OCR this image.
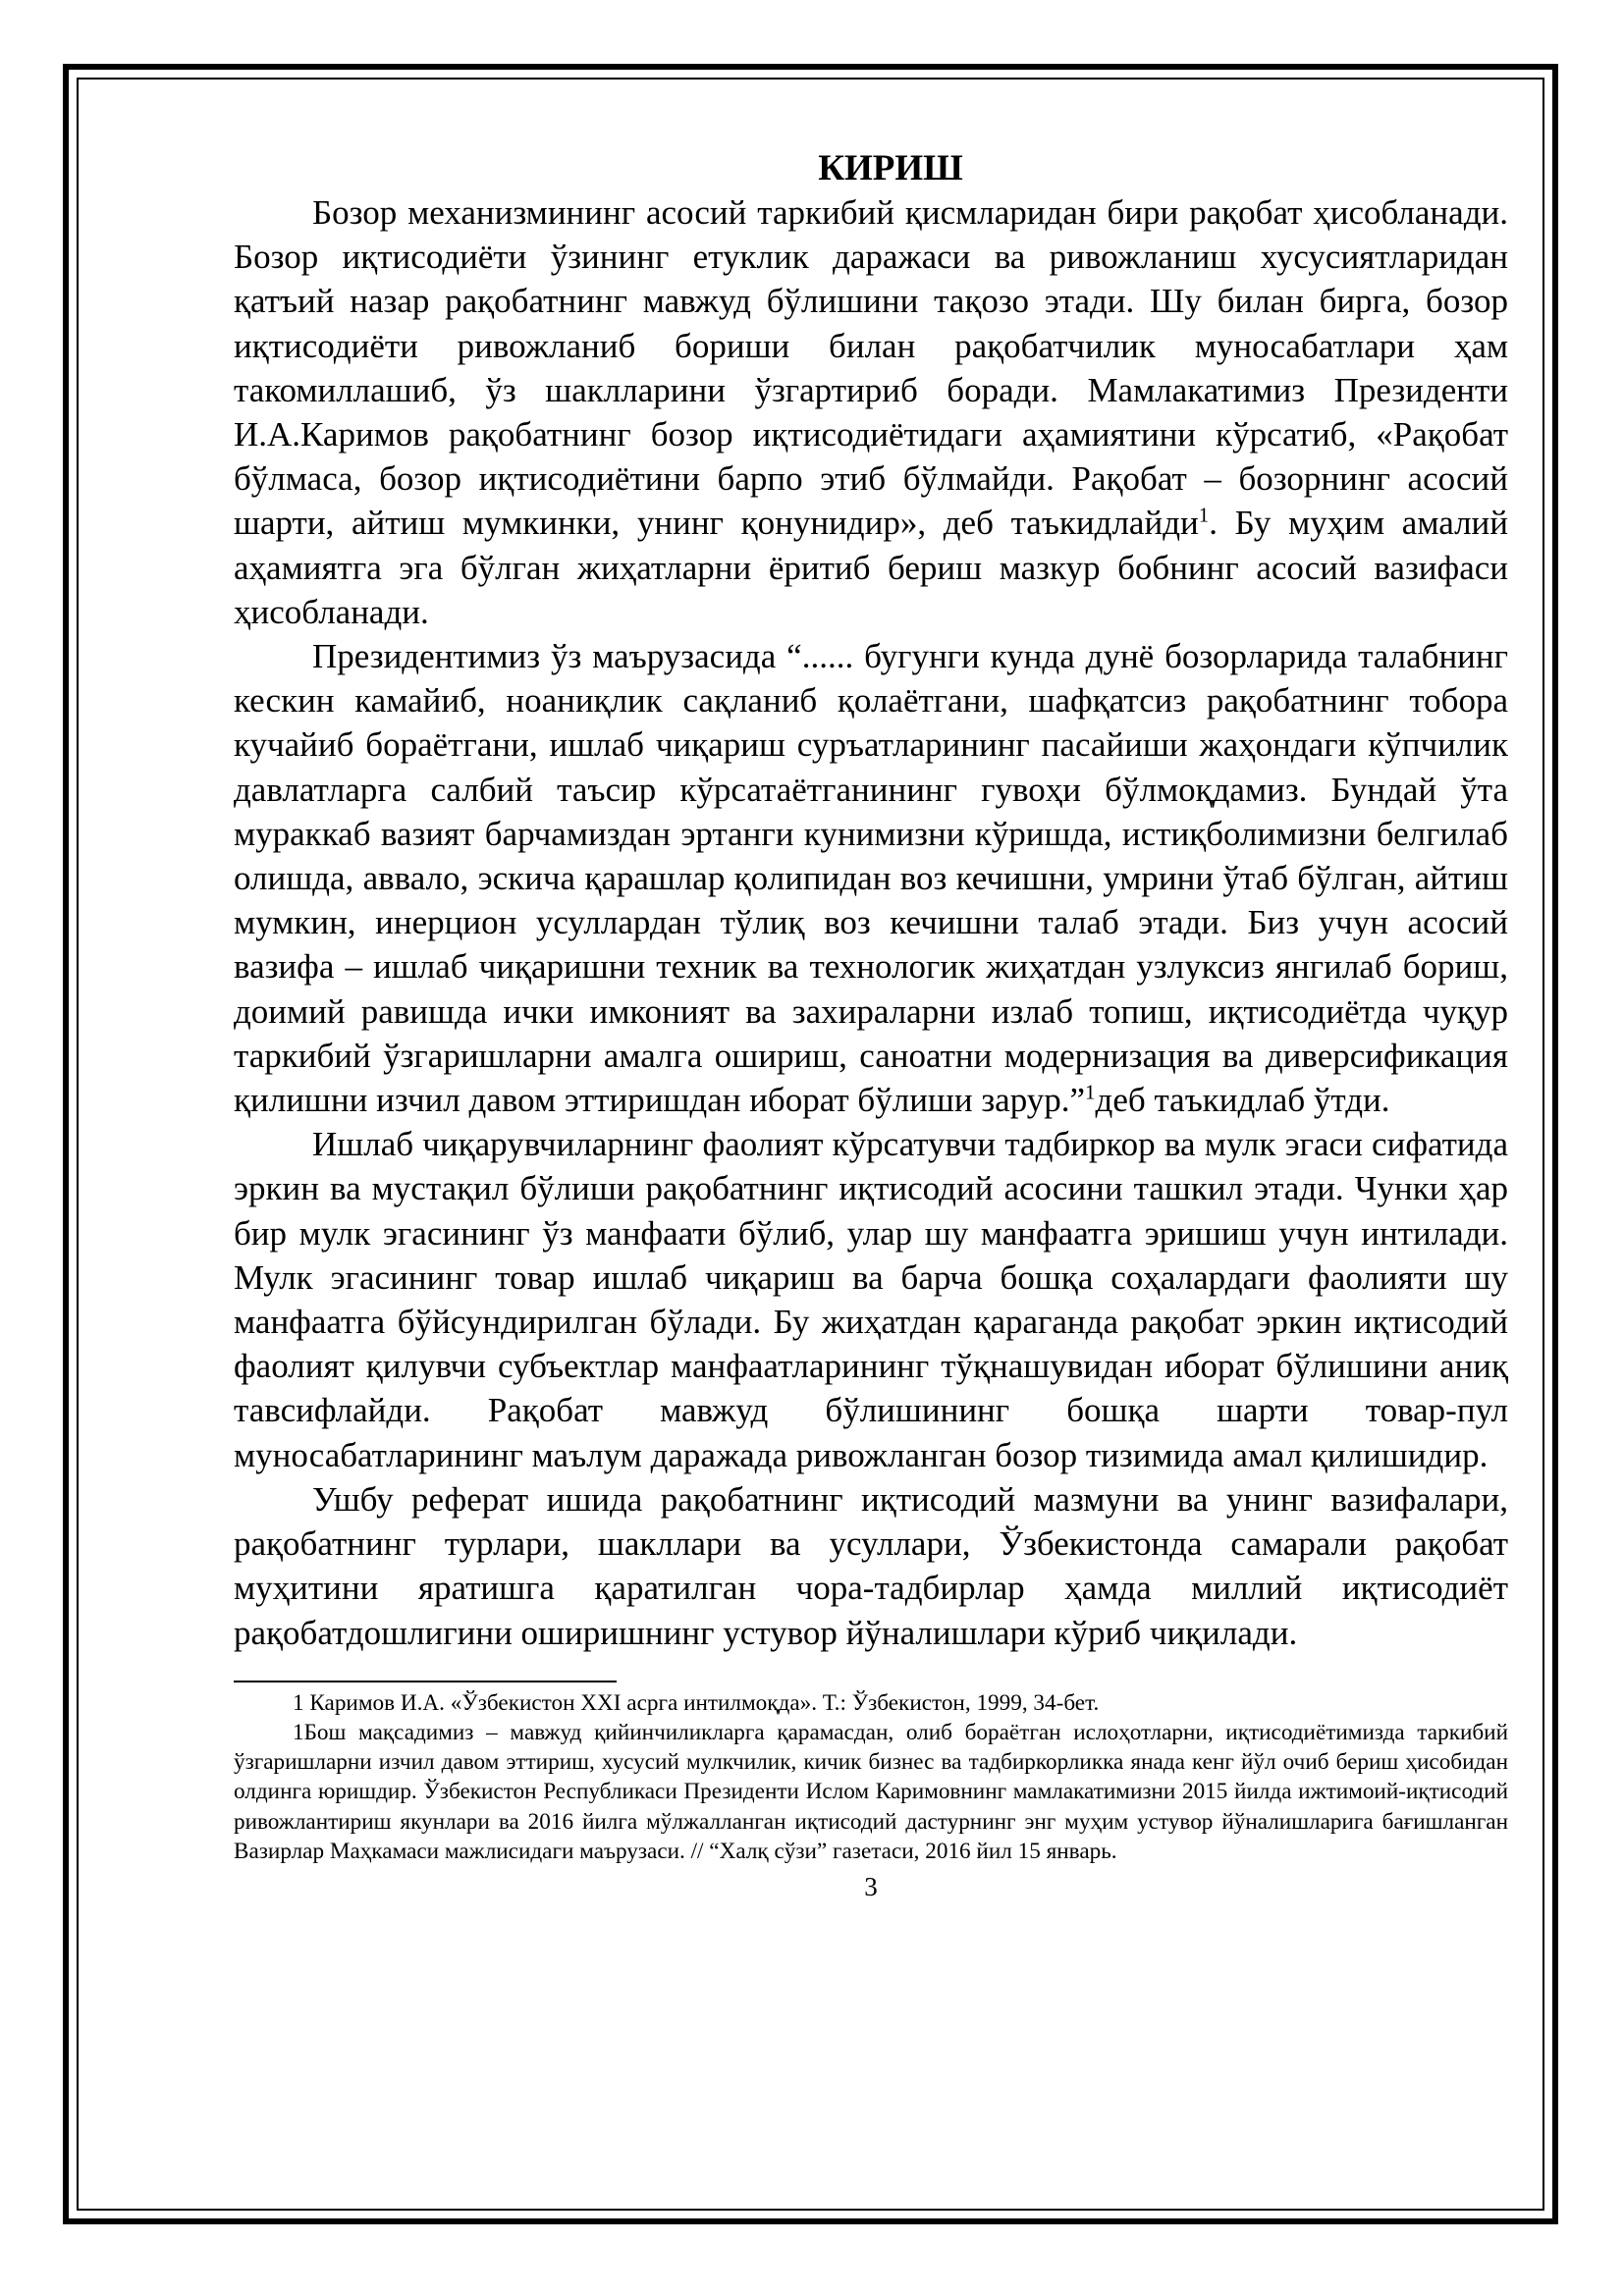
КИРИШ

Бозор механизмининг асосий таркибий қисмларидан бири рақобат ҳисобланади. Бозор иқтисодиёти ўзининг етуклик даражаси ва ривожланиш хусусиятларидан қатъий назар рақобатнинг мавжуд бўлишини тақозо этади. Шу билан бирга, бозор иқтисодиёти ривожланиб бориши билан рақобатчилик муносабатлари ҳам такомиллашиб, ўз шаклларини ўзгартириб боради. Мамлакатимиз Президенти И.А.Каримов рақобатнинг бозор иқтисодиётидаги аҳамиятини кўрсатиб, «Рақобат бўлмаса, бозор иқтисодиётини барпо этиб бўлмайди. Рақобат – бозорнинг асосий шарти, айтиш мумкинки, унинг қонунидир», деб таъкидлайди$^1$. Бу муҳим амалий аҳамиятга эга бўлган жиҳатларни ёритиб бериш мазкур бобнинг асосий вазифаси ҳисобланади.

Президентимиз ўз маърузасида “...... бугунги кунда дунё бозорларида талабнинг кескин камайиб, ноаниқлик сақланиб қолаётгани, шафқатсиз рақобатнинг тобора кучайиб бораётгани, ишлаб чиқариш суръатларининг пасайиши жаҳондаги кўпчилик давлатларга салбий таъсир кўрсатаётганининг гувоҳи бўлмоқдамиз. Бундай ўта мураккаб вазият барчамиздан эртанги кунимизни кўришда, истиқболимизни белгилаб олишда, аввало, эскича қарашлар қолипидан воз кечишни, умрини ўтаб бўлган, айтиш мумкин, инерцион усуллардан тўлиқ воз кечишни талаб этади. Биз учун асосий вазифа – ишлаб чиқаришни техник ва технологик жиҳатдан узлуксиз янгилаб бориш, доимий равишда ички имконият ва захираларни излаб топиш, иқтисодиётда чуқур таркибий ўзгаришларни амалга ошириш, саноатни модернизация ва диверсификация қилишни изчил давом эттиришдан иборат бўлиши зарур.”$^1$деб таъкидлаб ўтди.

Ишлаб чиқарувчиларнинг фаолият кўрсатувчи тадбиркор ва мулк эгаси сифатида эркин ва мустақил бўлиши рақобатнинг иқтисодий асосини ташкил этади. Чунки ҳар бир мулк эгасининг ўз манфаати бўлиб, улар шу манфаатга эришиш учун интилади. Мулк эгасининг товар ишлаб чиқариш ва барча бошқа соҳалардаги фаолияти шу манфаатга бўйсундирилган бўлади. Бу жиҳатдан қараганда рақобат эркин иқтисодий фаолият қилувчи субъектлар манфаатларининг тўқнашувидан иборат бўлишини аниқ тавсифлайди. Рақобат мавжуд бўлишининг бошқа шарти товар-пул муносабатларининг маълум даражада ривожланган бозор тизимида амал қилишидир.

Ушбу реферат ишида рақобатнинг иқтисодий мазмуни ва унинг вазифалари, рақобатнинг турлари, шакллари ва усуллари, Ўзбекистонда самарали рақобат муҳитини яратишга қаратилган чора-тадбирлар ҳамда миллий иқтисодиёт рақобатдошлигини оширишнинг устувор йўналишлари кўриб чиқилади.

1 Каримов И.А. «Ўзбекистон XXI асрга интилмоқда». Т.: Ўзбекистон, 1999, 34-бет.

1Бош мақсадимиз – мавжуд қийинчиликларга қарамасдан, олиб бораётган ислоҳотларни, иқтисодиётимизда таркибий ўзгаришларни изчил давом эттириш, хусусий мулкчилик, кичик бизнес ва тадбиркорликка янада кенг йўл очиб бериш ҳисобидан олдинга юришдир. Ўзбекистон Республикаси Президенти Ислом Каримовнинг мамлакатимизни 2015 йилда ижтимоий-иқтисодий ривожлантириш якунлари ва 2016 йилга мўлжалланган иқтисодий дастурнинг энг муҳим устувор йўналишларига бағишланган Вазирлар Маҳкамаси мажлисидаги маърузаси. // “Халқ сўзи” газетаси, 2016 йил 15 январь.

3
